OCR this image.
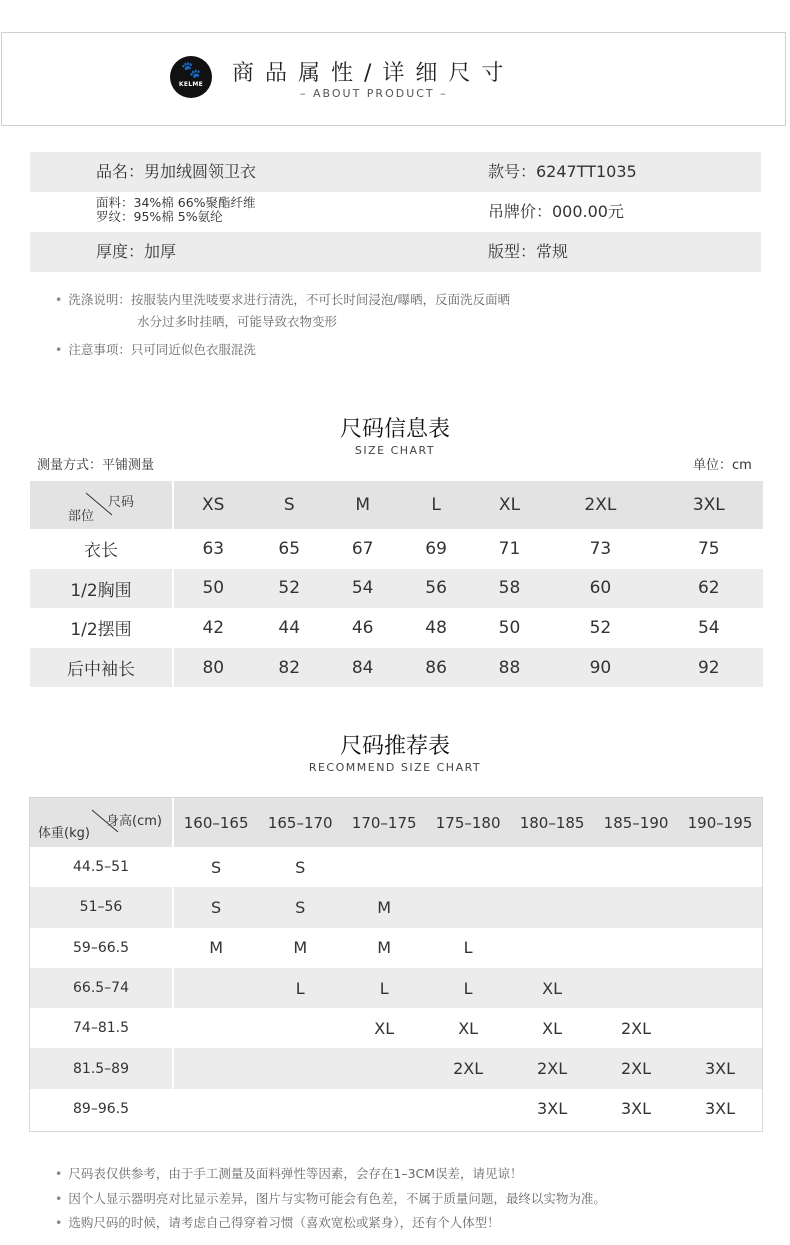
🐾
KELME	商品属性/详细尺寸
– ABOUT PRODUCT –
品名：男加绒圆领卫衣	款号：6247TT1035
面料：34%棉 66%聚酯纤维
罗纹：95%棉 5%氨纶	吊牌价：000.00元
厚度：加厚	版型：常规
• 洗涤说明：按服装内里洗唛要求进行清洗，不可长时间浸泡/曝晒，反面洗反面晒
水分过多时挂晒，可能导致衣物变形
• 注意事项：只可同近似色衣服混洗
尺码信息表
SIZE CHART
测量方式：平铺测量	单位：cm
尺码
部位	XS	S	M	L	XL	2XL	3XL
衣长	63	65	67	69	71	73	75
1/2胸围	50	52	54	56	58	60	62
1/2摆围	42	44	46	48	50	52	54
后中袖长	80	82	84	86	88	90	92
尺码推荐表
RECOMMEND SIZE CHART
身高(cm)
体重(kg)	160–165	165–170	170–175	175–180	180–185	185–190	190–195
44.5–51	S	S					
51–56	S	S	M				
59–66.5	M	M	M	L			
66.5–74		L	L	L	XL		
74–81.5			XL	XL	XL	2XL	
81.5–89				2XL	2XL	2XL	3XL
89–96.5					3XL	3XL	3XL
• 尺码表仅供参考，由于手工测量及面料弹性等因素，会存在1–3CM误差，请见谅！
• 因个人显示器明亮对比显示差异，图片与实物可能会有色差，不属于质量问题，最终以实物为准。
• 选购尺码的时候，请考虑自己得穿着习惯（喜欢宽松或紧身），还有个人体型！
